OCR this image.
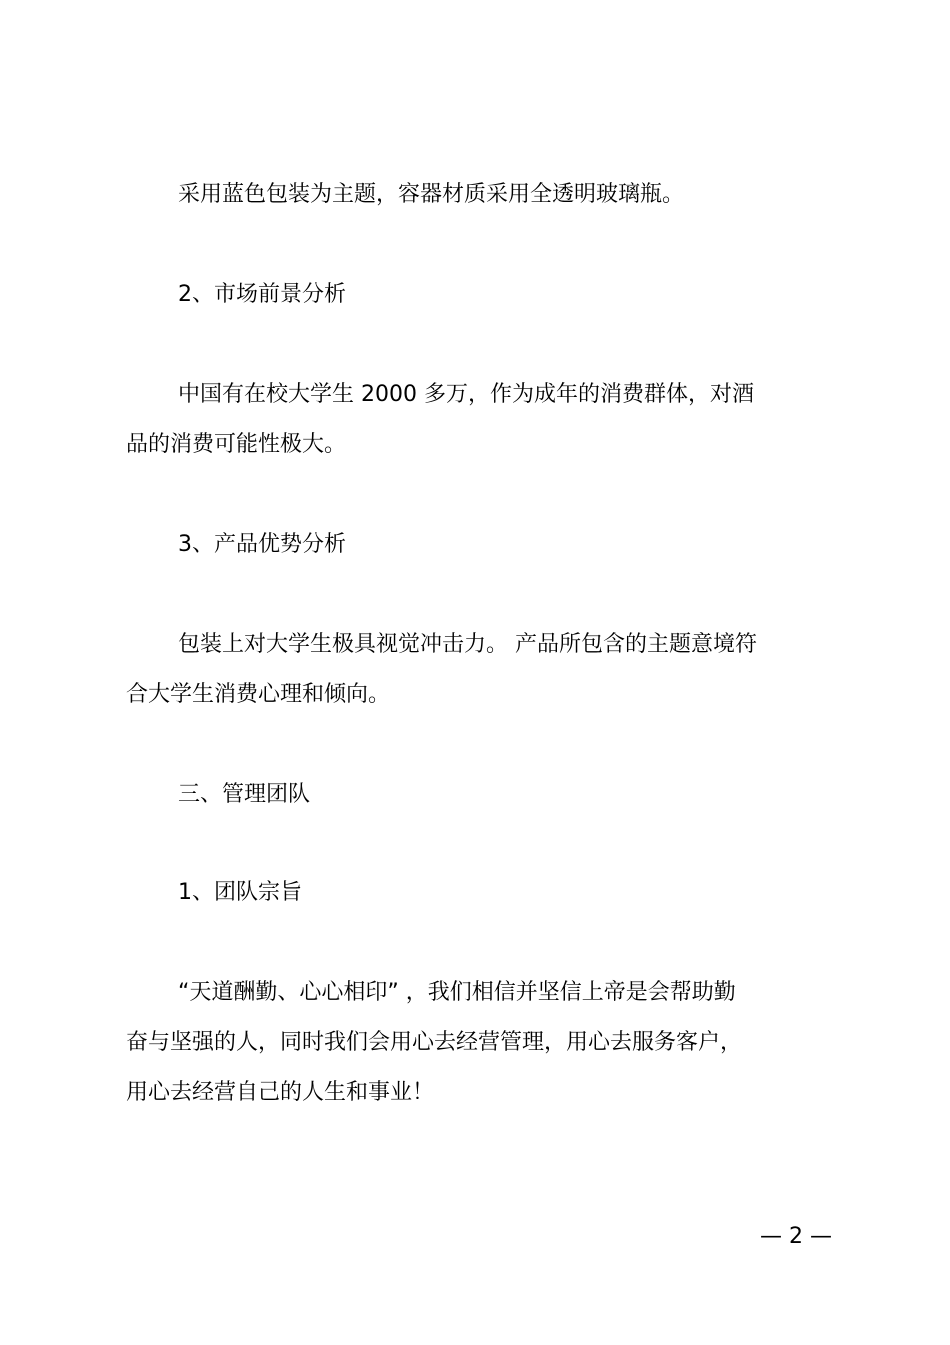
采用蓝色包装为主题，容器材质采用全透明玻璃瓶。
2、市场前景分析
中国有在校大学生 2000 多万，作为成年的消费群体，对酒
品的消费可能性极大。
3、产品优势分析
包装上对大学生极具视觉冲击力。 产品所包含的主题意境符
合大学生消费心理和倾向。
三、管理团队
1、团队宗旨
“天道酬勤、心心相印” ，我们相信并坚信上帝是会帮助勤
奋与坚强的人，同时我们会用心去经营管理，用心去服务客户，
用心去经营自己的人生和事业！
— 2 —
